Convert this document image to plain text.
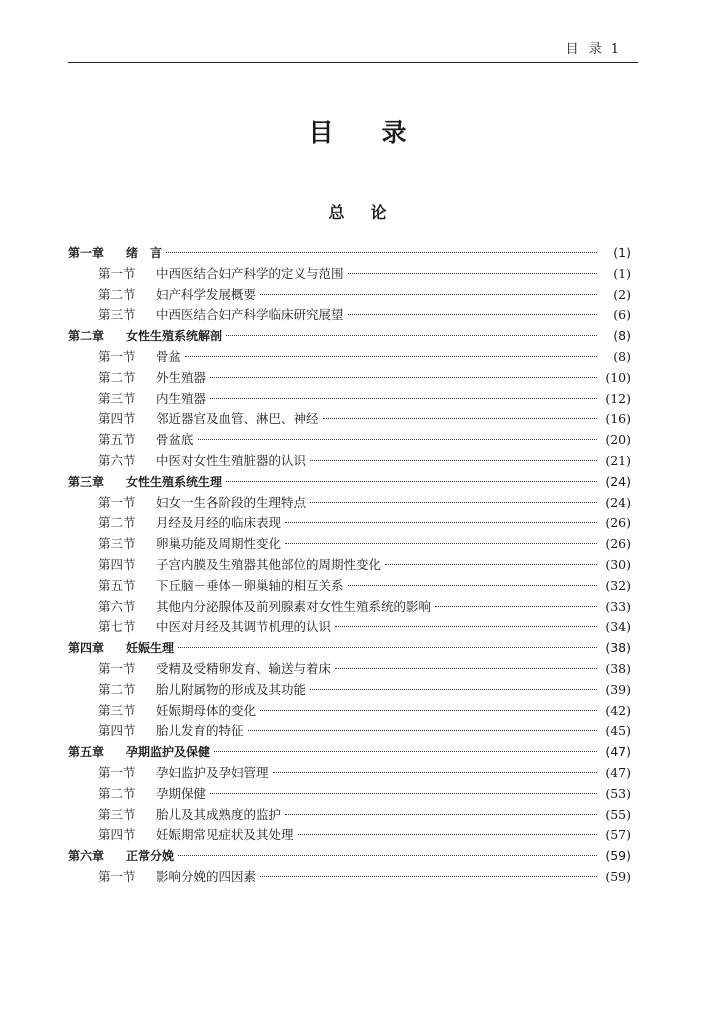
目 录 1
目录
总论
第一章	绪　言	(1)
第一节	中西医结合妇产科学的定义与范围	(1)
第二节	妇产科学发展概要	(2)
第三节	中西医结合妇产科学临床研究展望	(6)
第二章	女性生殖系统解剖	(8)
第一节	骨盆	(8)
第二节	外生殖器	(10)
第三节	内生殖器	(12)
第四节	邻近器官及血管、淋巴、神经	(16)
第五节	骨盆底	(20)
第六节	中医对女性生殖脏器的认识	(21)
第三章	女性生殖系统生理	(24)
第一节	妇女一生各阶段的生理特点	(24)
第二节	月经及月经的临床表现	(26)
第三节	卵巢功能及周期性变化	(26)
第四节	子宫内膜及生殖器其他部位的周期性变化	(30)
第五节	下丘脑－垂体－卵巢轴的相互关系	(32)
第六节	其他内分泌腺体及前列腺素对女性生殖系统的影响	(33)
第七节	中医对月经及其调节机理的认识	(34)
第四章	妊娠生理	(38)
第一节	受精及受精卵发育、输送与着床	(38)
第二节	胎儿附属物的形成及其功能	(39)
第三节	妊娠期母体的变化	(42)
第四节	胎儿发育的特征	(45)
第五章	孕期监护及保健	(47)
第一节	孕妇监护及孕妇管理	(47)
第二节	孕期保健	(53)
第三节	胎儿及其成熟度的监护	(55)
第四节	妊娠期常见症状及其处理	(57)
第六章	正常分娩	(59)
第一节	影响分娩的四因素	(59)
